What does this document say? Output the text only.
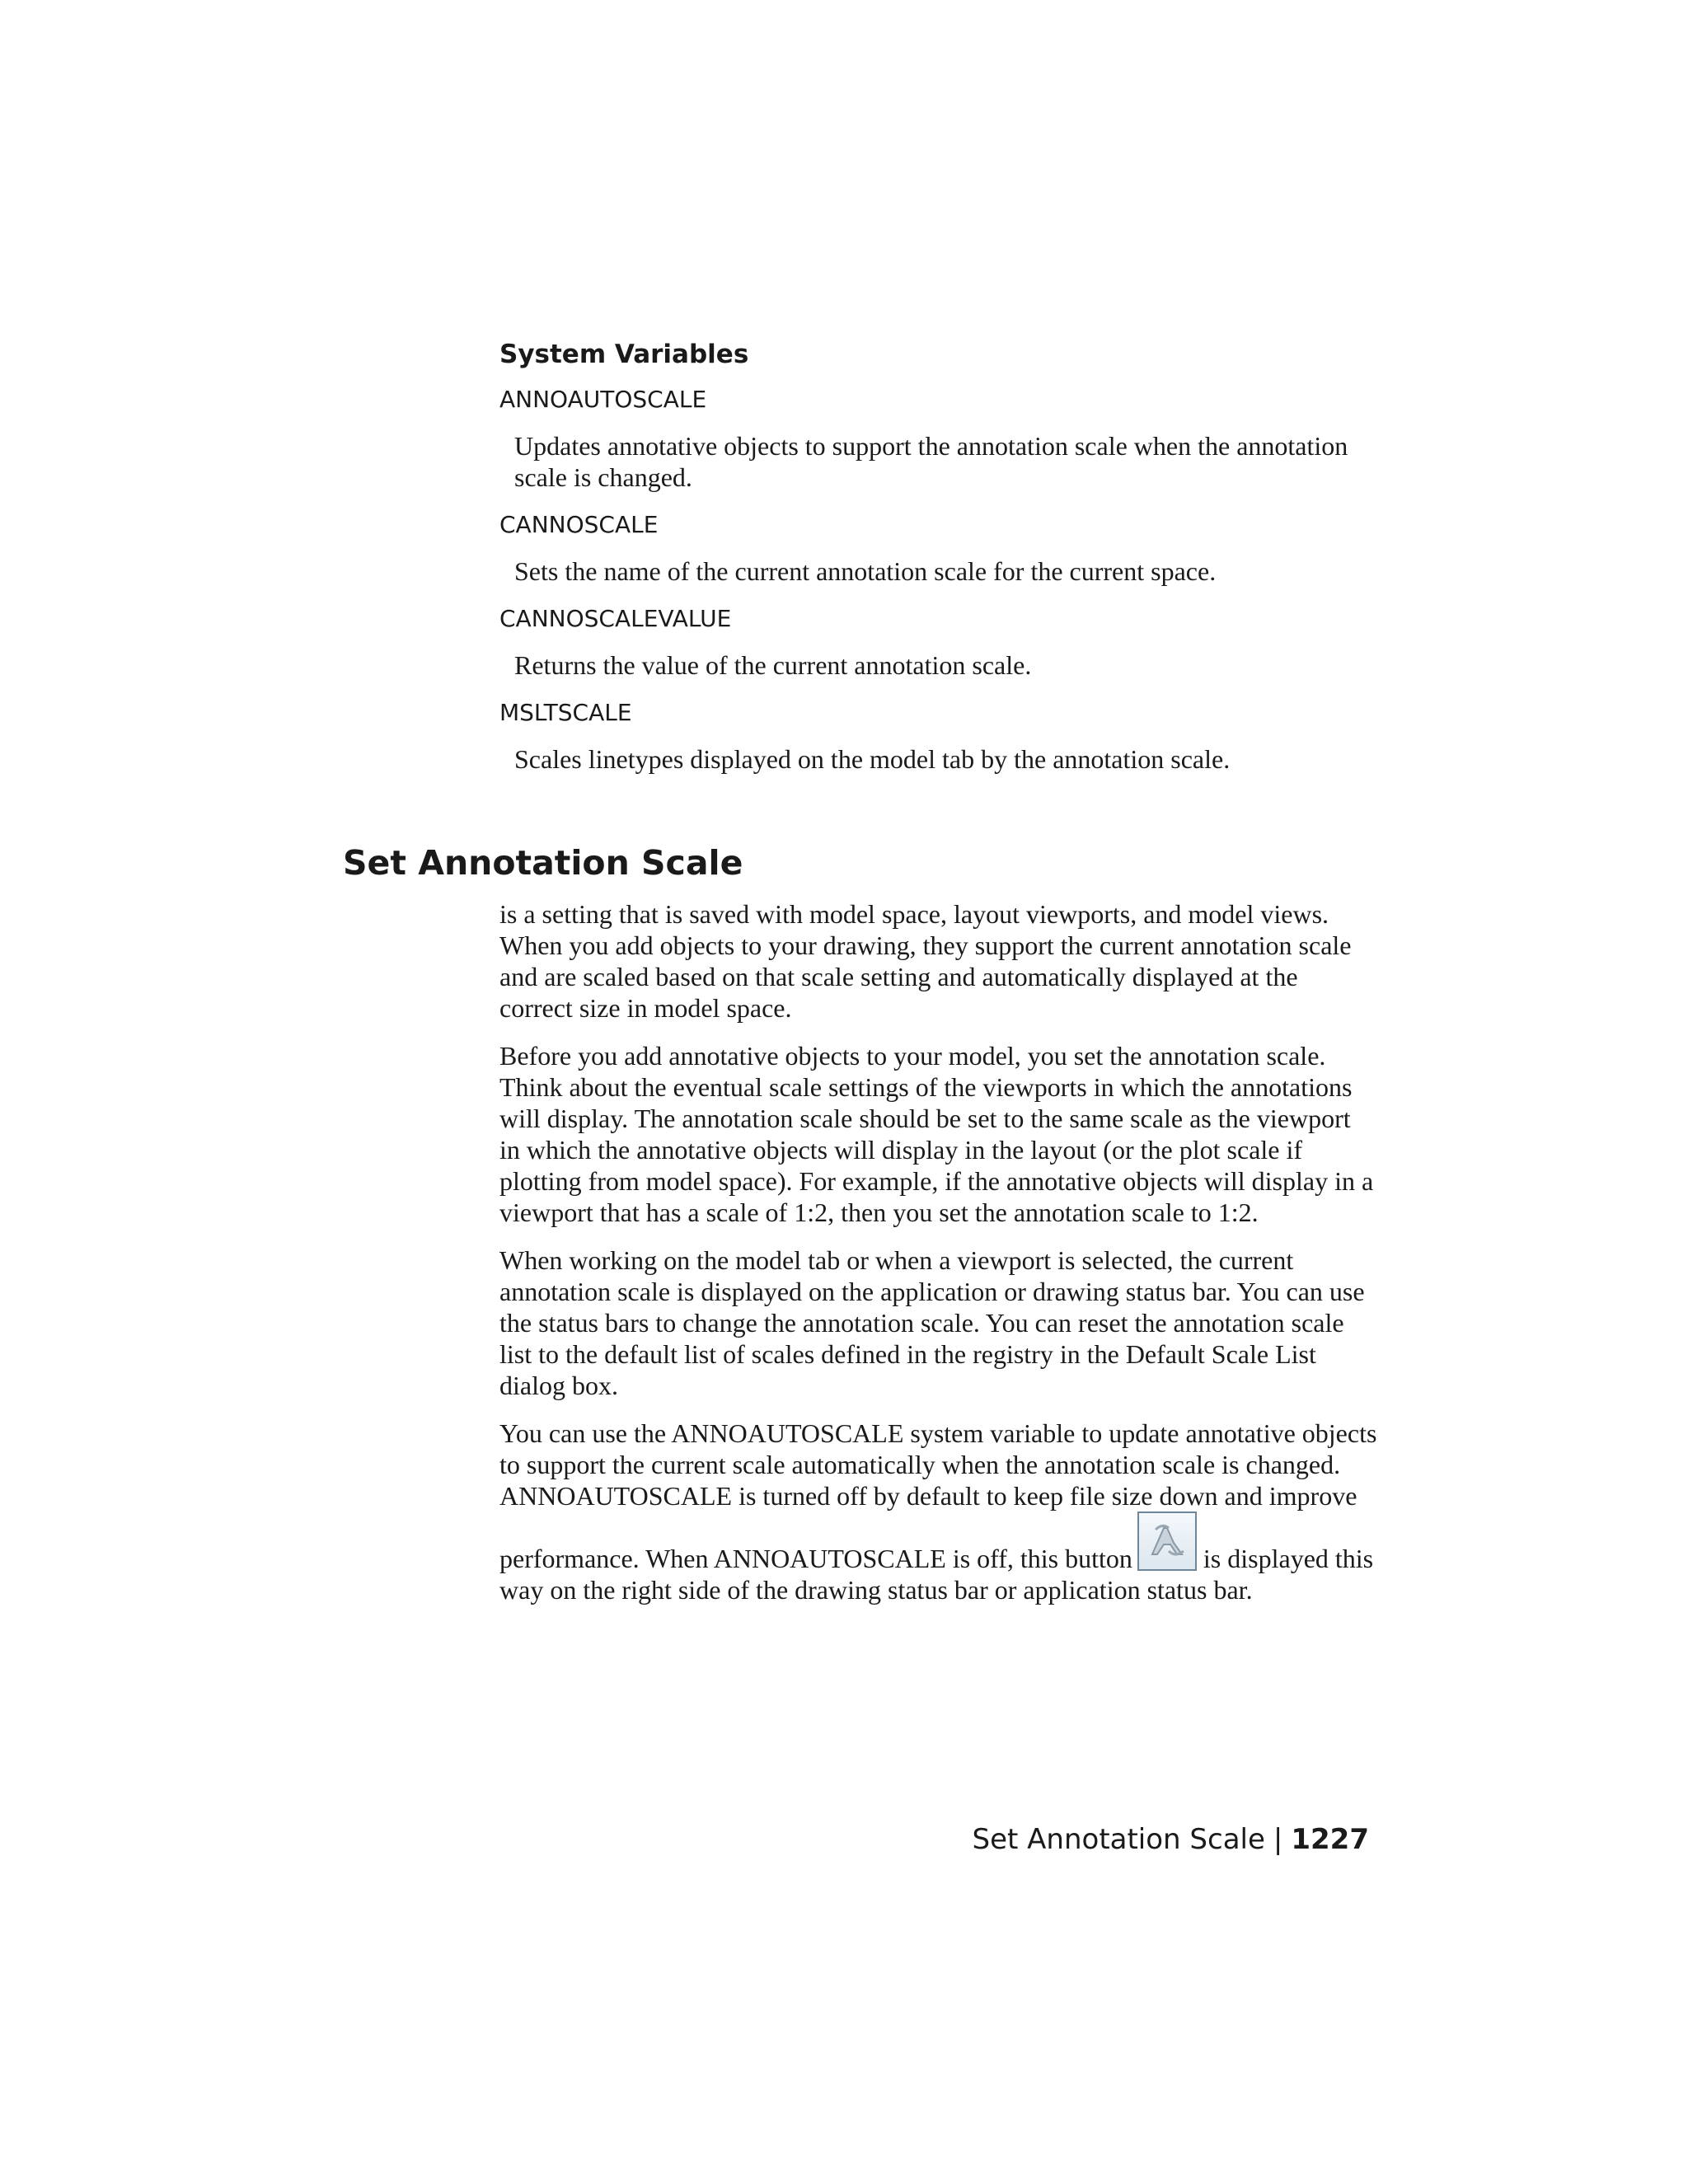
System Variables
ANNOAUTOSCALE
Updates annotative objects to support the annotation scale when the annotation scale is changed.
CANNOSCALE
Sets the name of the current annotation scale for the current space.
CANNOSCALEVALUE
Returns the value of the current annotation scale.
MSLTSCALE
Scales linetypes displayed on the model tab by the annotation scale.
Set Annotation Scale

is a setting that is saved with model space, layout viewports, and model views. When you add objects to your drawing, they support the current annotation scale and are scaled based on that scale setting and automatically displayed at the correct size in model space.

Before you add annotative objects to your model, you set the annotation scale. Think about the eventual scale settings of the viewports in which the annotations will display. The annotation scale should be set to the same scale as the viewport in which the annotative objects will display in the layout (or the plot scale if plotting from model space). For example, if the annotative objects will display in a viewport that has a scale of 1:2, then you set the annotation scale to 1:2.

When working on the model tab or when a viewport is selected, the current annotation scale is displayed on the application or drawing status bar. You can use the status bars to change the annotation scale. You can reset the annotation scale list to the default list of scales defined in the registry in the Default Scale List dialog box.

You can use the ANNOAUTOSCALE system variable to update annotative objects to support the current scale automatically when the annotation scale is changed. ANNOAUTOSCALE is turned off by default to keep file size down and improve performance. When ANNOAUTOSCALE is off, this button
is displayed this way on the right side of the drawing status bar or application status bar.

Set Annotation Scale | 1227
